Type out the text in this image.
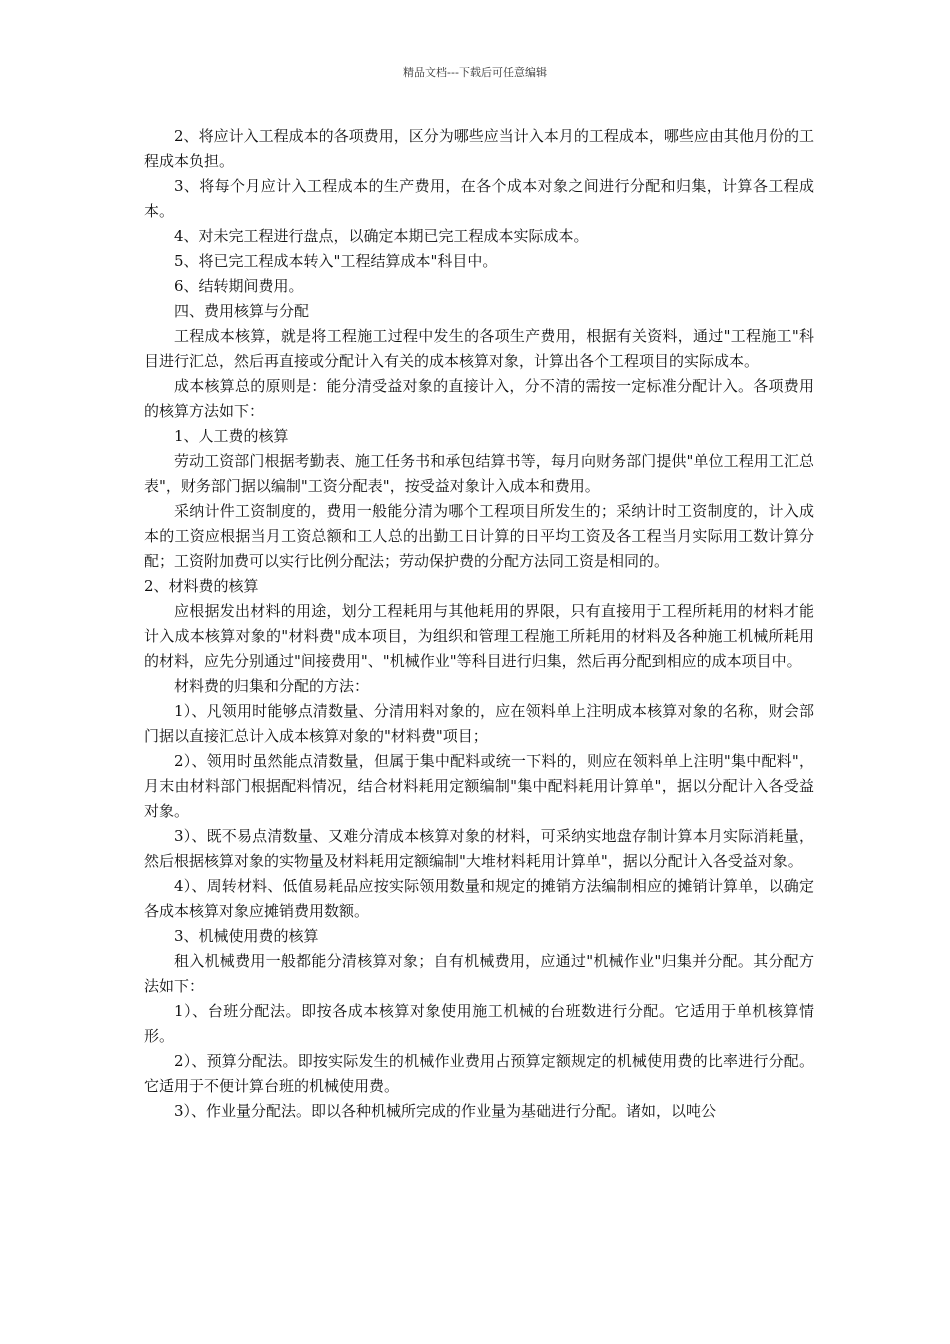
精品文档---下载后可任意编辑

2、将应计入工程成本的各项费用，区分为哪些应当计入本月的工程成本，哪些应由其他月份的工程成本负担。

3、将每个月应计入工程成本的生产费用，在各个成本对象之间进行分配和归集，计算各工程成本。

4、对未完工程进行盘点，以确定本期已完工程成本实际成本。

5、将已完工程成本转入"工程结算成本"科目中。

6、结转期间费用。

四、费用核算与分配

工程成本核算，就是将工程施工过程中发生的各项生产费用，根据有关资料，通过"工程施工"科目进行汇总，然后再直接或分配计入有关的成本核算对象，计算出各个工程项目的实际成本。

成本核算总的原则是：能分清受益对象的直接计入，分不清的需按一定标准分配计入。各项费用的核算方法如下：

1、人工费的核算

劳动工资部门根据考勤表、施工任务书和承包结算书等，每月向财务部门提供"单位工程用工汇总表"，财务部门据以编制"工资分配表"，按受益对象计入成本和费用。

采纳计件工资制度的，费用一般能分清为哪个工程项目所发生的；采纳计时工资制度的，计入成本的工资应根据当月工资总额和工人总的出勤工日计算的日平均工资及各工程当月实际用工数计算分配；工资附加费可以实行比例分配法；劳动保护费的分配方法同工资是相同的。

2、材料费的核算

应根据发出材料的用途，划分工程耗用与其他耗用的界限，只有直接用于工程所耗用的材料才能计入成本核算对象的"材料费"成本项目，为组织和管理工程施工所耗用的材料及各种施工机械所耗用的材料，应先分别通过"间接费用"、"机械作业"等科目进行归集，然后再分配到相应的成本项目中。

材料费的归集和分配的方法：

1）、凡领用时能够点清数量、分清用料对象的，应在领料单上注明成本核算对象的名称，财会部门据以直接汇总计入成本核算对象的"材料费"项目；

2）、领用时虽然能点清数量，但属于集中配料或统一下料的，则应在领料单上注明"集中配料"，月末由材料部门根据配料情况，结合材料耗用定额编制"集中配料耗用计算单"，据以分配计入各受益对象。

3）、既不易点清数量、又难分清成本核算对象的材料，可采纳实地盘存制计算本月实际消耗量，然后根据核算对象的实物量及材料耗用定额编制"大堆材料耗用计算单"，据以分配计入各受益对象。

4）、周转材料、低值易耗品应按实际领用数量和规定的摊销方法编制相应的摊销计算单，以确定各成本核算对象应摊销费用数额。

3、机械使用费的核算

租入机械费用一般都能分清核算对象；自有机械费用，应通过"机械作业"归集并分配。其分配方法如下：

1）、台班分配法。即按各成本核算对象使用施工机械的台班数进行分配。它适用于单机核算情形。

2）、预算分配法。即按实际发生的机械作业费用占预算定额规定的机械使用费的比率进行分配。它适用于不便计算台班的机械使用费。

3）、作业量分配法。即以各种机械所完成的作业量为基础进行分配。诸如，以吨公
